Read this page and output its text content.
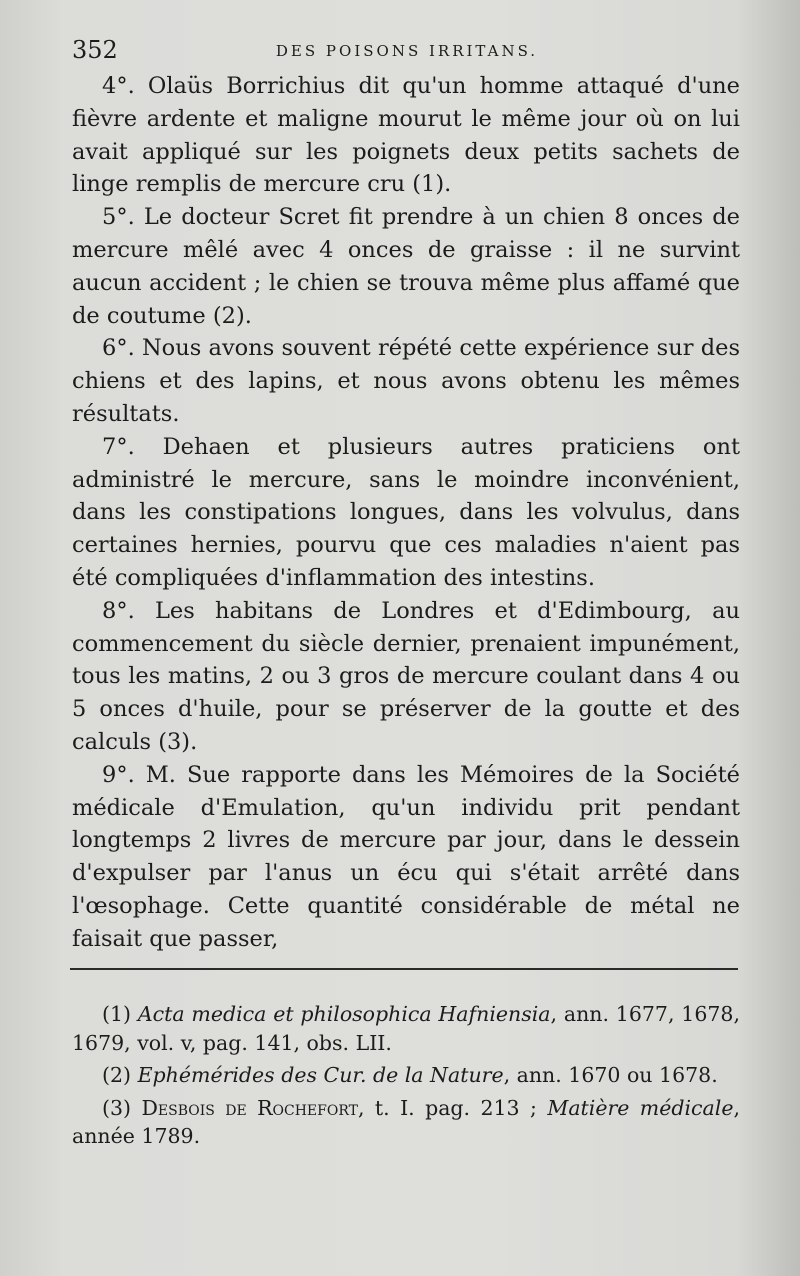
352	DES POISONS IRRITANS.

4°. Olaüs Borrichius dit qu'un homme attaqué d'une fièvre ardente et maligne mourut le même jour où on lui avait appliqué sur les poignets deux petits sachets de linge remplis de mercure cru (1).

5°. Le docteur Scret fit prendre à un chien 8 onces de mercure mêlé avec 4 onces de graisse : il ne survint aucun accident ; le chien se trouva même plus affamé que de coutume (2).

6°. Nous avons souvent répété cette expérience sur des chiens et des lapins, et nous avons obtenu les mêmes résultats.

7°. Dehaen et plusieurs autres praticiens ont administré le mercure, sans le moindre inconvénient, dans les constipations longues, dans les volvulus, dans certaines hernies, pourvu que ces maladies n'aient pas été compliquées d'inflammation des intestins.

8°. Les habitans de Londres et d'Edimbourg, au commencement du siècle dernier, prenaient impunément, tous les matins, 2 ou 3 gros de mercure coulant dans 4 ou 5 onces d'huile, pour se préserver de la goutte et des calculs (3).

9°. M. Sue rapporte dans les Mémoires de la Société médicale d'Emulation, qu'un individu prit pendant longtemps 2 livres de mercure par jour, dans le dessein d'expulser par l'anus un écu qui s'était arrêté dans l'œsophage. Cette quantité considérable de métal ne faisait que passer,

(1) Acta medica et philosophica Hafniensia, ann. 1677, 1678, 1679, vol. v, pag. 141, obs. LII.

(2) Ephémérides des Cur. de la Nature, ann. 1670 ou 1678.

(3) Desbois de Rochefort, t. I. pag. 213 ; Matière médicale, année 1789.
